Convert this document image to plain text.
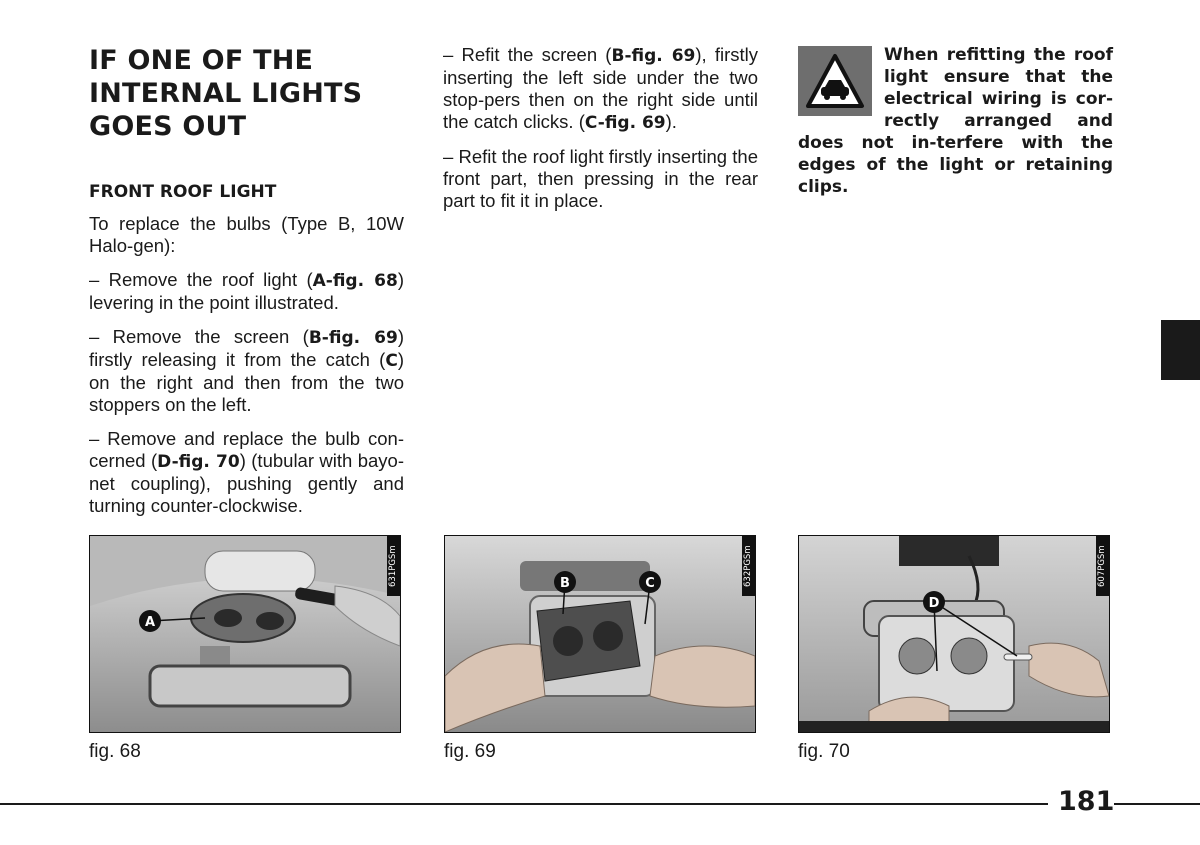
IF ONE OF THE INTERNAL LIGHTS GOES OUT
FRONT ROOF LIGHT

To replace the bulbs (Type B, 10W Halo-gen):

– Remove the roof light (A-fig. 68) levering in the point illustrated.

– Remove the screen (B-fig. 69) firstly releasing it from the catch (C) on the right and then from the two stoppers on the left.

– Remove and replace the bulb con-cerned (D-fig. 70) (tubular with bayo-net coupling), pushing gently and turning counter-clockwise.

– Refit the screen (B-fig. 69), firstly inserting the left side under the two stop-pers then on the right side until the catch clicks. (C-fig. 69).

– Refit the roof light firstly inserting the front part, then pressing in the rear part to fit it in place.

When refitting the roof light ensure that the electrical wiring is cor-rectly arranged and does not in-terfere with the edges of the light or retaining clips.

A
631PGSm	B	C	632PGSm
D
607PGSm
fig. 68	fig. 69	fig. 70
181
